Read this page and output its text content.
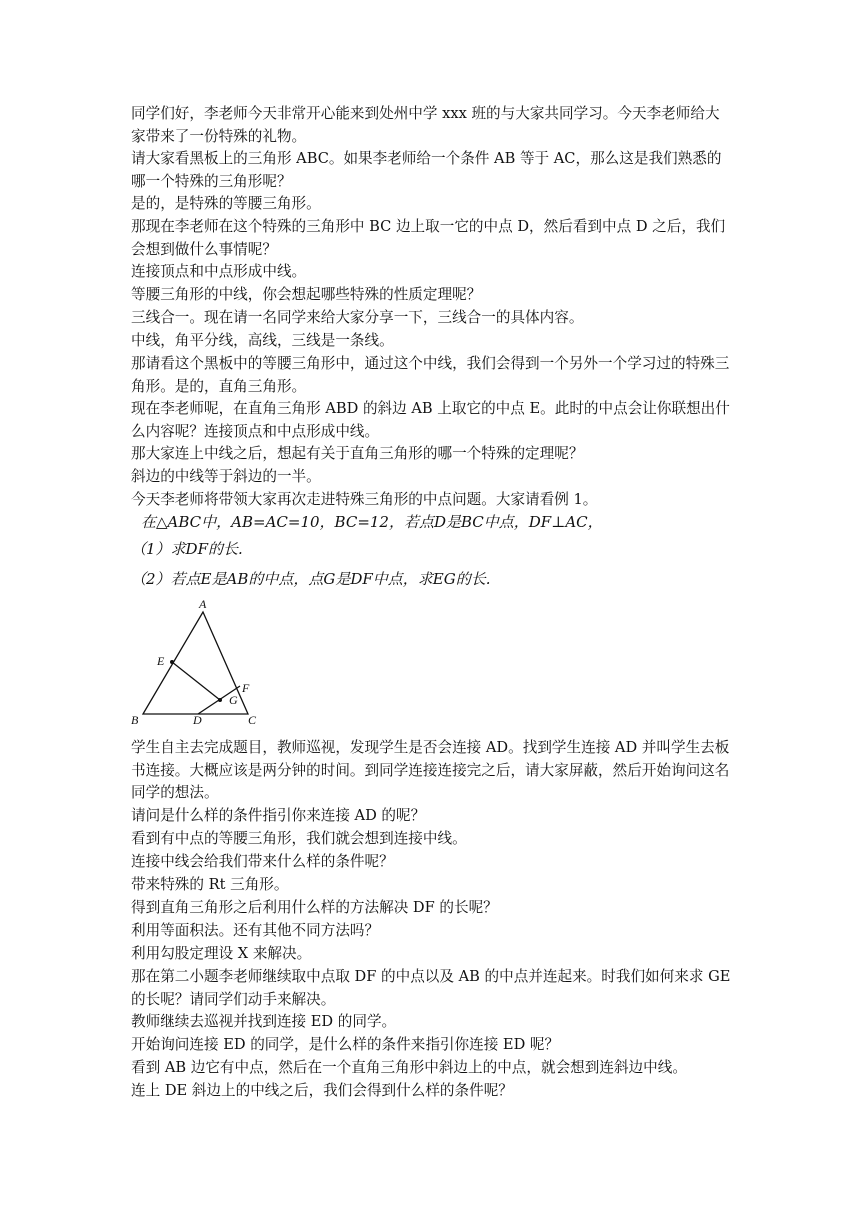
同学们好，李老师今天非常开心能来到处州中学 xxx 班的与大家共同学习。今天李老师给大家带来了一份特殊的礼物。

请大家看黑板上的三角形 ABC。如果李老师给一个条件 AB 等于 AC，那么这是我们熟悉的哪一个特殊的三角形呢？

是的，是特殊的等腰三角形。

那现在李老师在这个特殊的三角形中 BC 边上取一它的中点 D，然后看到中点 D 之后，我们会想到做什么事情呢？

连接顶点和中点形成中线。

等腰三角形的中线，你会想起哪些特殊的性质定理呢？

三线合一。现在请一名同学来给大家分享一下，三线合一的具体内容。

中线，角平分线，高线，三线是一条线。

那请看这个黑板中的等腰三角形中，通过这个中线，我们会得到一个另外一个学习过的特殊三角形。是的，直角三角形。

现在李老师呢，在直角三角形 ABD 的斜边 AB 上取它的中点 E。此时的中点会让你联想出什么内容呢？连接顶点和中点形成中线。

那大家连上中线之后，想起有关于直角三角形的哪一个特殊的定理呢？

斜边的中线等于斜边的一半。

今天李老师将带领大家再次走进特殊三角形的中点问题。大家请看例 1。

在△ABC中，AB=AC=10，BC=12，若点D是BC中点，DF⊥AC，

（1）求DF的长.

（2）若点E是AB的中点，点G是DF中点，求EG的长.

A
B	C
D
E
F
G

学生自主去完成题目，教师巡视，发现学生是否会连接 AD。找到学生连接 AD 并叫学生去板书连接。大概应该是两分钟的时间。到同学连接连接完之后，请大家屏蔽，然后开始询问这名同学的想法。

请问是什么样的条件指引你来连接 AD 的呢？

看到有中点的等腰三角形，我们就会想到连接中线。

连接中线会给我们带来什么样的条件呢？

带来特殊的 Rt 三角形。

得到直角三角形之后利用什么样的方法解决 DF 的长呢？

利用等面积法。还有其他不同方法吗？

利用勾股定理设 X 来解决。

那在第二小题李老师继续取中点取 DF 的中点以及 AB 的中点并连起来。时我们如何来求 GE 的长呢？请同学们动手来解决。

教师继续去巡视并找到连接 ED 的同学。

开始询问连接 ED 的同学，是什么样的条件来指引你连接 ED 呢？

看到 AB 边它有中点，然后在一个直角三角形中斜边上的中点，就会想到连斜边中线。

连上 DE 斜边上的中线之后，我们会得到什么样的条件呢？
